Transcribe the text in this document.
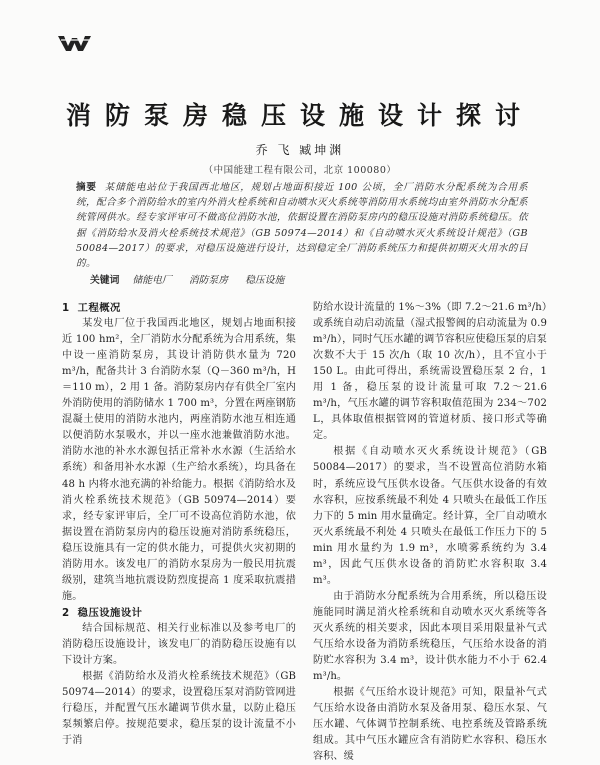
消防泵房稳压设施设计探讨
乔 飞 臧坤渊
（中国能建工程有限公司，北京 100080）
摘要 某储能电站位于我国西北地区，规划占地面积接近 100 公顷，全厂消防水分配系统为合用系统，配合多个消防给水的室内外消火栓系统和自动喷水灭火系统等消防用水系统均由室外消防水分配系统管网供水。经专家评审可不做高位消防水池，依据设置在消防泵房内的稳压设施对消防系统稳压。依据《消防给水及消火栓系统技术规范》（GB 50974—2014）和《自动喷水灭火系统设计规范》（GB 50084—2017）的要求，对稳压设施进行设计，达到稳定全厂消防系统压力和提供初期灭火用水的目的。
关键词 储能电厂 消防泵房 稳压设施
1 工程概况

某发电厂位于我国西北地区，规划占地面积接近 100 hm²，全厂消防水分配系统为合用系统，集中设一座消防泵房，其设计消防供水量为 720 m³/h，配备共计 3 台消防水泵（Q－360 m³/h，H＝110 m），2 用 1 备。消防泵房内存有供全厂室内外消防使用的消防储水 1 700 m³，分置在两座钢筋混凝土使用的消防水池内，两座消防水池互相连通以便消防水泵吸水，并以一座水池兼做消防水池。消防水池的补水水源包括正常补水水源（生活给水系统）和备用补水水源（生产给水系统），均具备在 48 h 内将水池充满的补给能力。根据《消防给水及消火栓系统技术规范》（GB 50974—2014）要求，经专家评审后，全厂可不设高位消防水池，依据设置在消防泵房内的稳压设施对消防系统稳压，稳压设施具有一定的供水能力，可提供火灾初期的消防用水。该发电厂的消防水泵房为一般民用抗震级别，建筑当地抗震设防烈度提高 1 度采取抗震措施。

2 稳压设施设计

结合国标规范、相关行业标准以及参考电厂的消防稳压设施设计，该发电厂的消防稳压设施有以下设计方案。

根据《消防给水及消火栓系统技术规范》（GB 50974—2014）的要求，设置稳压泵对消防管网进行稳压，并配置气压水罐调节供水量，以防止稳压泵频繁启停。按规范要求，稳压泵的设计流量不小于消

防给水设计流量的 1%～3%（即 7.2～21.6 m³/h）或系统自动启动流量（湿式报警阀的启动流量为 0.9 m³/h），同时气压水罐的调节容积应使稳压泵的启泵次数不大于 15 次/h（取 10 次/h），且不宜小于 150 L。由此可得出，系统需设置稳压泵 2 台，1 用 1 备，稳压泵的设计流量可取 7.2～21.6 m³/h，气压水罐的调节容积取值范围为 234～702 L，具体取值根据管网的管道材质、接口形式等确定。

根据《自动喷水灭火系统设计规范》（GB 50084—2017）的要求，当不设置高位消防水箱时，系统应设气压供水设备。气压供水设备的有效水容积，应按系统最不利处 4 只喷头在最低工作压力下的 5 min 用水量确定。经计算，全厂自动喷水灭火系统最不利处 4 只喷头在最低工作压力下的 5 min 用水量约为 1.9 m³，水喷雾系统约为 3.4 m³，因此气压供水设备的消防贮水容积取 3.4 m³。

由于消防水分配系统为合用系统，所以稳压设施能同时满足消火栓系统和自动喷水灭火系统等各灭火系统的相关要求，因此本项目采用限量补气式气压给水设备为消防系统稳压，气压给水设备的消防贮水容积为 3.4 m³，设计供水能力不小于 62.4 m³/h。

根据《气压给水设计规范》可知，限量补气式气压给水设备由消防水泵及备用泵、稳压水泵、气压水罐、气体调节控制系统、电控系统及管路系统组成。其中气压水罐应含有消防贮水容积、稳压水容积、缓
